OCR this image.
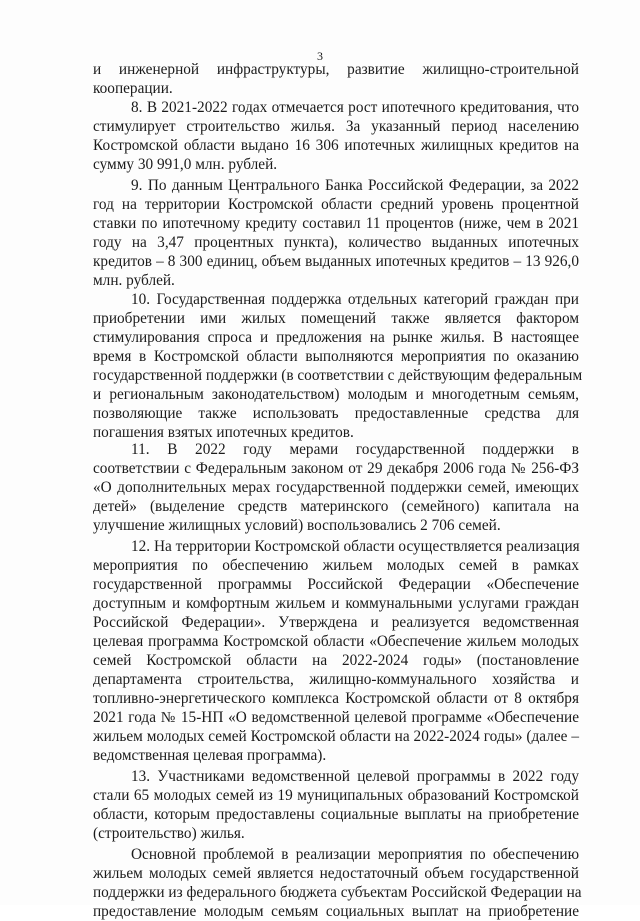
3
и инженерной инфраструктуры, развитие жилищно-строительной
кооперации.
8. В 2021-2022 годах отмечается рост ипотечного кредитования, что
стимулирует строительство жилья. За указанный период населению
Костромской области выдано 16 306 ипотечных жилищных кредитов на
сумму 30 991,0 млн. рублей.
9. По данным Центрального Банка Российской Федерации, за 2022
год на территории Костромской области средний уровень процентной
ставки по ипотечному кредиту составил 11 процентов (ниже, чем в 2021
году на 3,47 процентных пункта), количество выданных ипотечных
кредитов – 8 300 единиц, объем выданных ипотечных кредитов – 13 926,0
млн. рублей.
10. Государственная поддержка отдельных категорий граждан при
приобретении ими жилых помещений также является фактором
стимулирования спроса и предложения на рынке жилья. В настоящее
время в Костромской области выполняются мероприятия по оказанию
государственной поддержки (в соответствии с действующим федеральным
и региональным законодательством) молодым и многодетным семьям,
позволяющие также использовать предоставленные средства для
погашения взятых ипотечных кредитов.
11. В 2022 году мерами государственной поддержки в
соответствии с Федеральным законом от 29 декабря 2006 года № 256-ФЗ
«О дополнительных мерах государственной поддержки семей, имеющих
детей» (выделение средств материнского (семейного) капитала на
улучшение жилищных условий) воспользовались 2 706 семей.
12. На территории Костромской области осуществляется реализация
мероприятия по обеспечению жильем молодых семей в рамках
государственной программы Российской Федерации «Обеспечение
доступным и комфортным жильем и коммунальными услугами граждан
Российской Федерации». Утверждена и реализуется ведомственная
целевая программа Костромской области «Обеспечение жильем молодых
семей Костромской области на 2022-2024 годы» (постановление
департамента строительства, жилищно-коммунального хозяйства и
топливно-энергетического комплекса Костромской области от 8 октября
2021 года № 15-НП «О ведомственной целевой программе «Обеспечение
жильем молодых семей Костромской области на 2022-2024 годы» (далее –
ведомственная целевая программа).
13. Участниками ведомственной целевой программы в 2022 году
стали 65 молодых семей из 19 муниципальных образований Костромской
области, которым предоставлены социальные выплаты на приобретение
(строительство) жилья.
Основной проблемой в реализации мероприятия по обеспечению
жильем молодых семей является недостаточный объем государственной
поддержки из федерального бюджета субъектам Российской Федерации на
предоставление молодым семьям социальных выплат на приобретение
